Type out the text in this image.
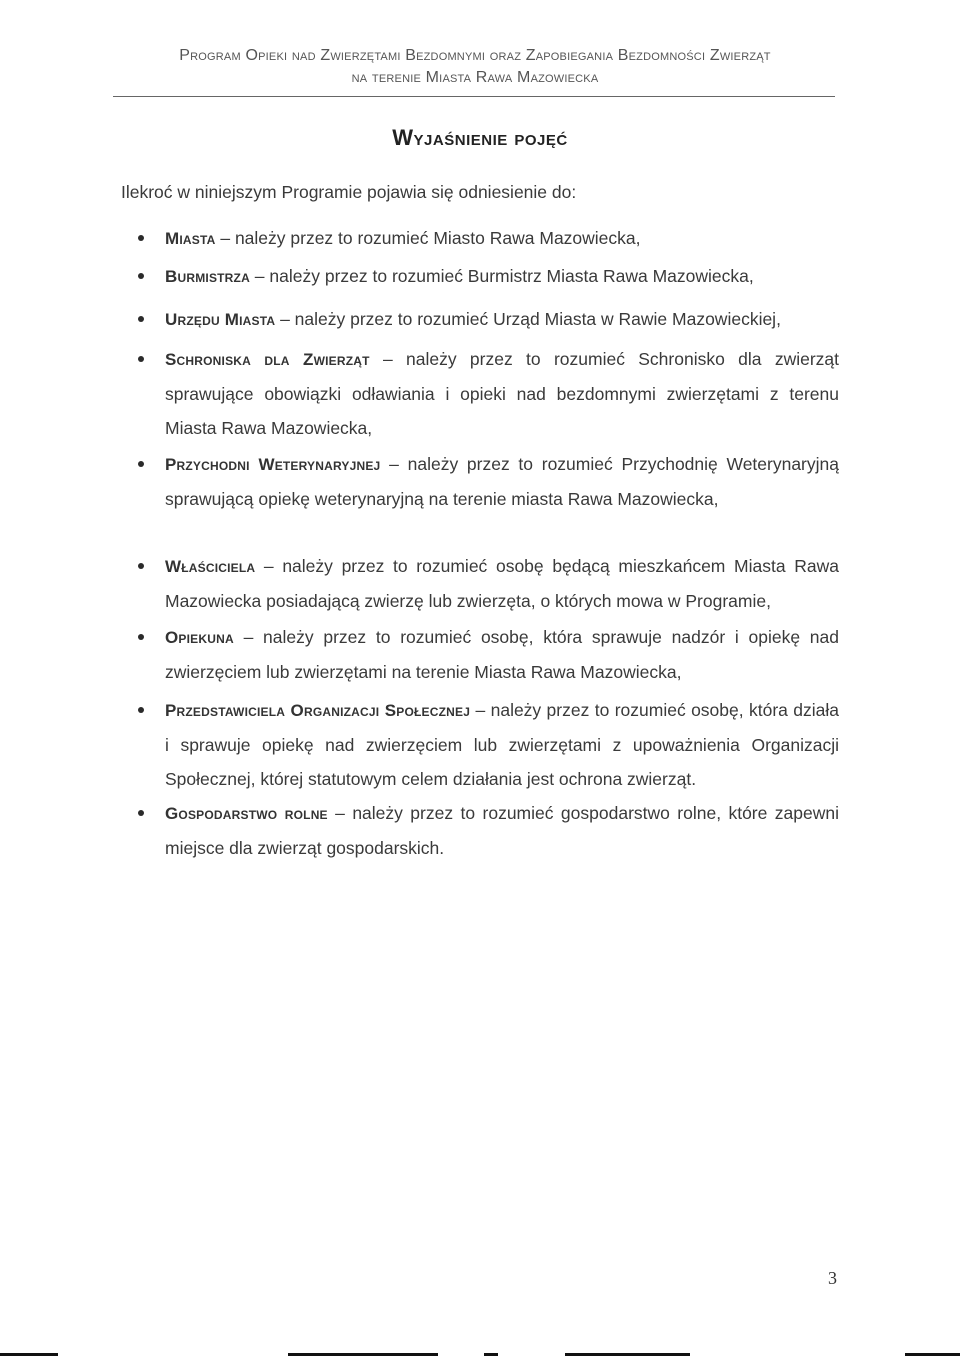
Program Opieki nad Zwierzętami Bezdomnymi oraz Zapobiegania Bezdomności Zwierząt
na terenie Miasta Rawa Mazowiecka
Wyjaśnienie pojęć
Ilekroć w niniejszym Programie pojawia się odniesienie do:
Miasta – należy przez to rozumieć Miasto Rawa Mazowiecka,
Burmistrza – należy przez to rozumieć Burmistrz Miasta Rawa Mazowiecka,
Urzędu Miasta – należy przez to rozumieć Urząd Miasta w Rawie Mazowieckiej,
Schroniska dla Zwierząt – należy przez to rozumieć Schronisko dla zwierząt sprawujące obowiązki odławiania i opieki nad bezdomnymi zwierzętami z terenu Miasta Rawa Mazowiecka,
Przychodni Weterynaryjnej – należy przez to rozumieć Przychodnię Weterynaryjną sprawującą opiekę weterynaryjną na terenie miasta Rawa Mazowiecka,
Właściciela – należy przez to rozumieć osobę będącą mieszkańcem Miasta Rawa Mazowiecka posiadającą zwierzę lub zwierzęta, o których mowa w Programie,
Opiekuna – należy przez to rozumieć osobę, która sprawuje nadzór i opiekę nad zwierzęciem lub zwierzętami na terenie Miasta Rawa Mazowiecka,
Przedstawiciela Organizacji Społecznej – należy przez to rozumieć osobę, która działa i sprawuje opiekę nad zwierzęciem lub zwierzętami z upoważnienia Organizacji Społecznej, której statutowym celem działania jest ochrona zwierząt.
Gospodarstwo rolne – należy przez to rozumieć gospodarstwo rolne, które zapewni miejsce dla zwierząt gospodarskich.
3
